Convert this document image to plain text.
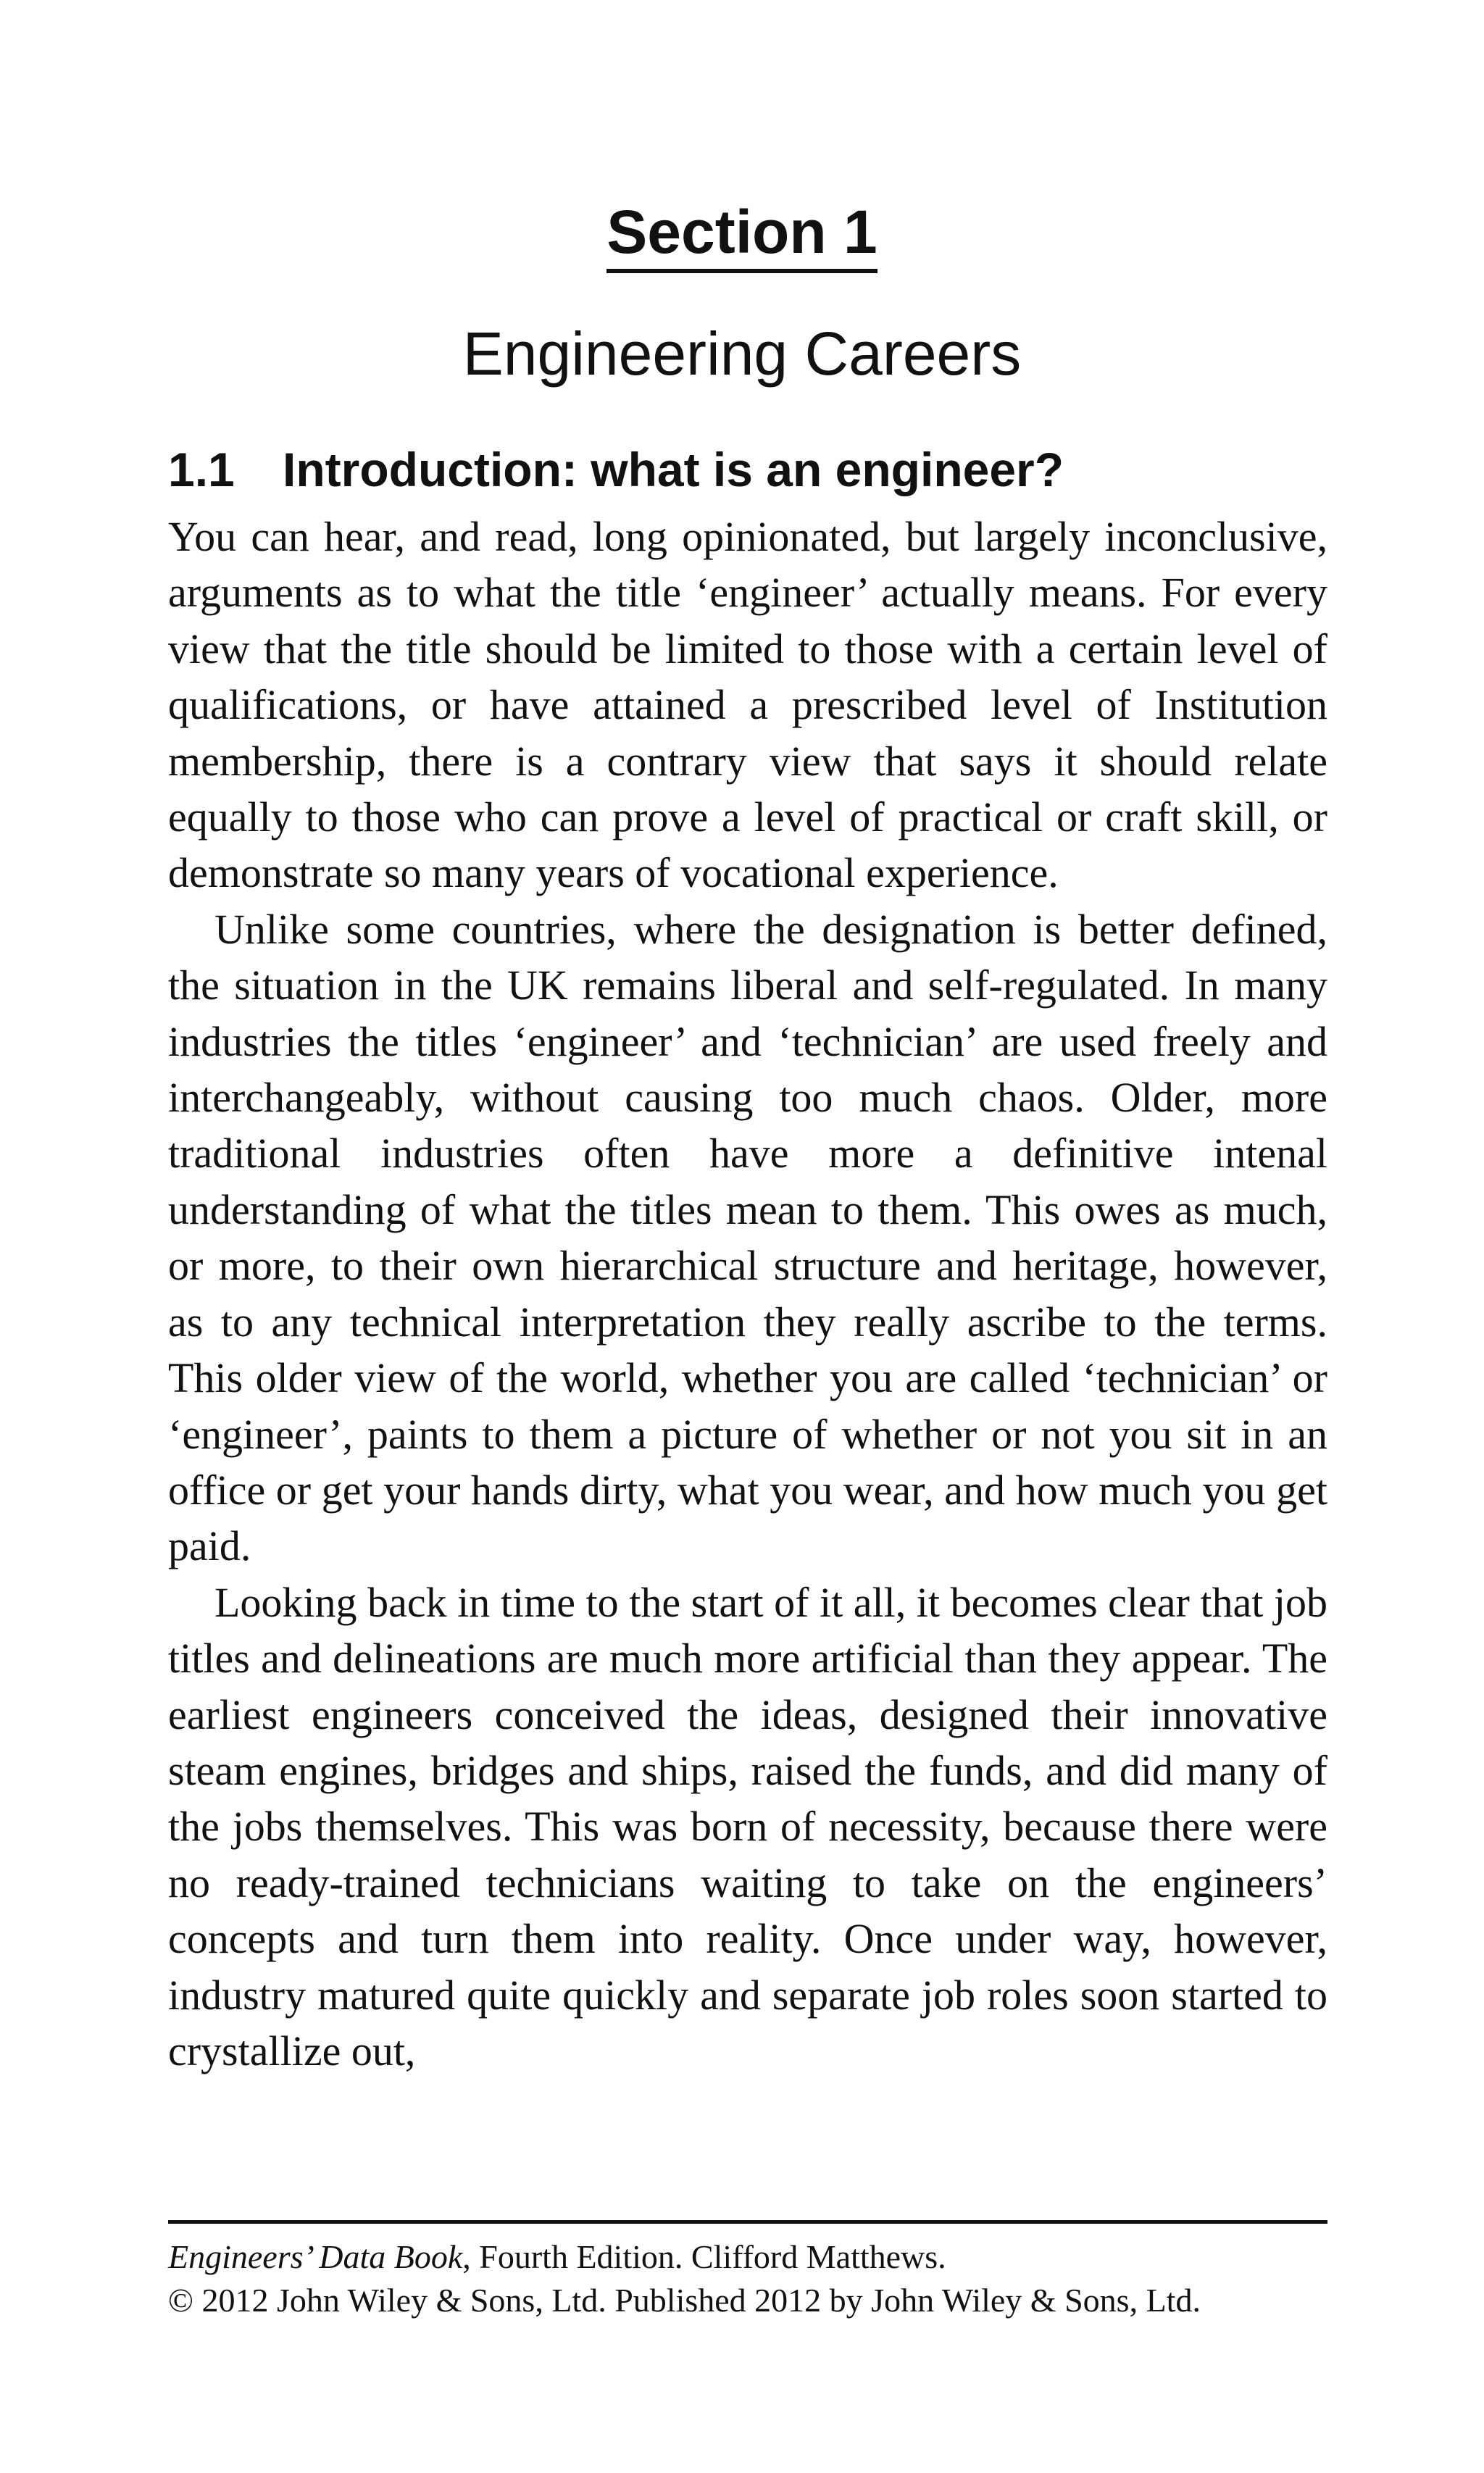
Section 1
Engineering Careers
1.1 Introduction: what is an engineer?

You can hear, and read, long opinionated, but largely inconclusive, arguments as to what the title ‘engineer’ actually means. For every view that the title should be limited to those with a certain level of qualifications, or have attained a prescribed level of Institution membership, there is a contrary view that says it should relate equally to those who can prove a level of practical or craft skill, or demonstrate so many years of vocational experience.

Unlike some countries, where the designation is better defined, the situation in the UK remains liberal and self-regulated. In many industries the titles ‘engineer’ and ‘technician’ are used freely and interchangeably, without causing too much chaos. Older, more traditional industries often have more a definitive intenal understanding of what the titles mean to them. This owes as much, or more, to their own hierarchical structure and heritage, however, as to any technical interpretation they really ascribe to the terms. This older view of the world, whether you are called ‘technician’ or ‘engineer’, paints to them a picture of whether or not you sit in an office or get your hands dirty, what you wear, and how much you get paid.

Looking back in time to the start of it all, it becomes clear that job titles and delineations are much more artificial than they appear. The earliest engineers conceived the ideas, designed their innovative steam engines, bridges and ships, raised the funds, and did many of the jobs themselves. This was born of necessity, because there were no ready-trained technicians waiting to take on the engineers’ concepts and turn them into reality. Once under way, however, industry matured quite quickly and separate job roles soon started to crystallize out,

Engineers’ Data Book, Fourth Edition. Clifford Matthews.
© 2012 John Wiley & Sons, Ltd. Published 2012 by John Wiley & Sons, Ltd.
